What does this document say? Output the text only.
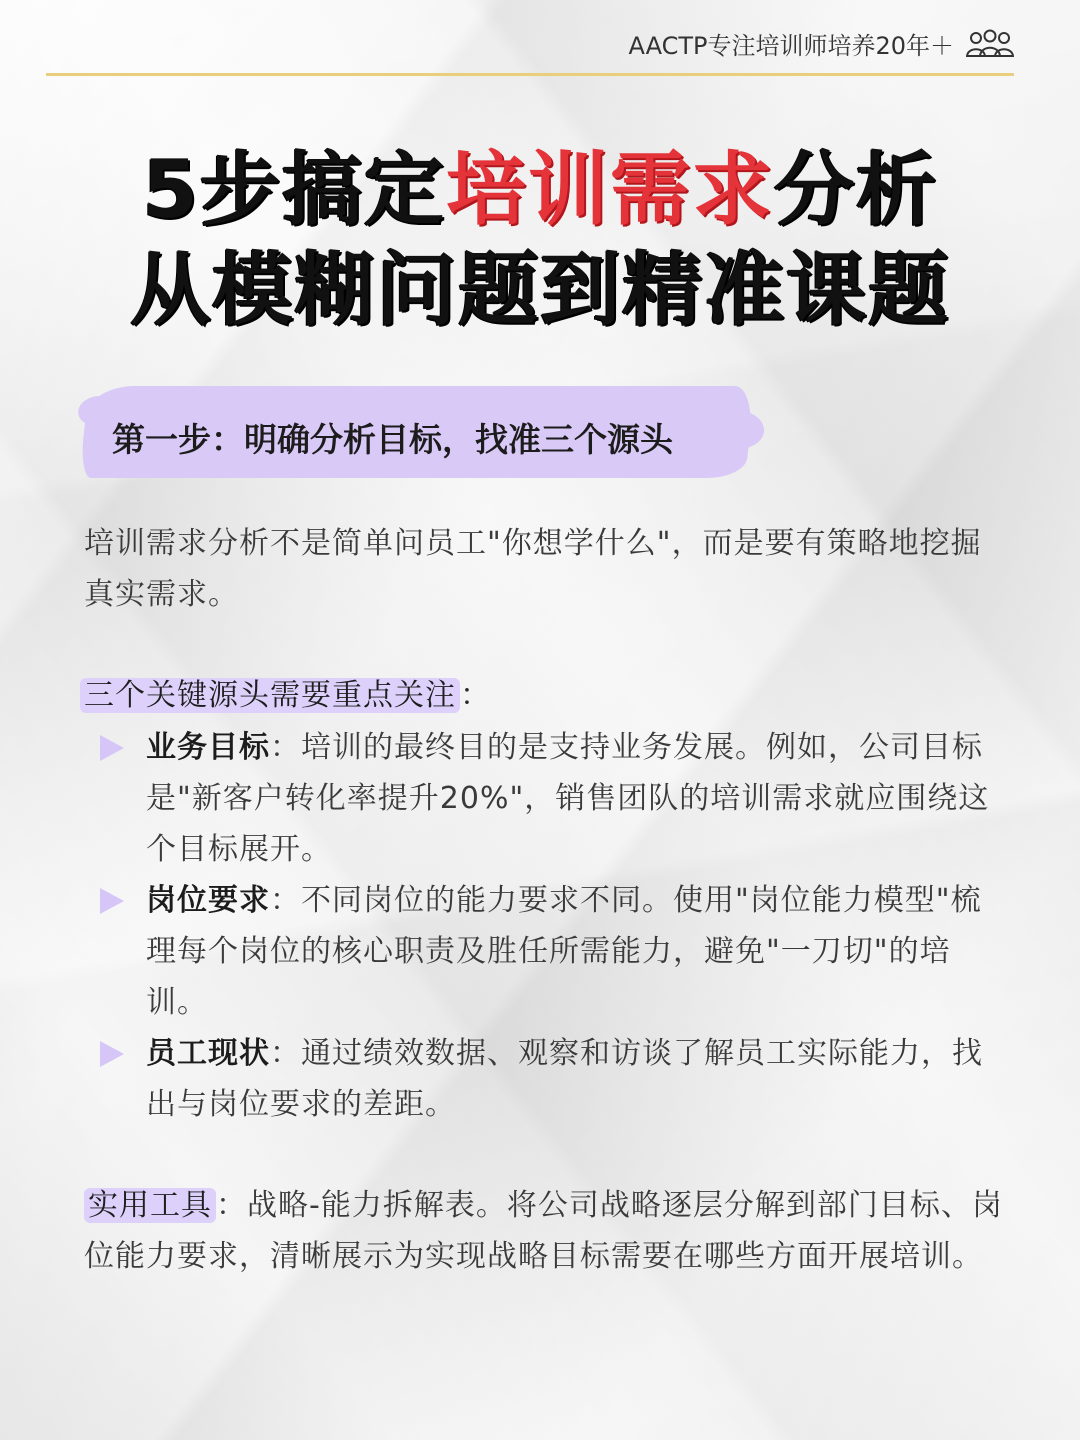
AACTP专注培训师培养20年＋
5步搞定培训需求分析
从模糊问题到精准课题
第一步：明确分析目标，找准三个源头

培训需求分析不是简单问员工"你想学什么"，而是要有策略地挖掘真实需求。

三个关键源头需要重点关注 ：
业务目标：培训的最终目的是支持业务发展。例如，公司目标是"新客户转化率提升20%"，销售团队的培训需求就应围绕这个目标展开。
岗位要求：不同岗位的能力要求不同。使用"岗位能力模型"梳理每个岗位的核心职责及胜任所需能力，避免"一刀切"的培训。
员工现状：通过绩效数据、观察和访谈了解员工实际能力，找出与岗位要求的差距。

实用工具 ：战略-能力拆解表。将公司战略逐层分解到部门目标、岗位能力要求，清晰展示为实现战略目标需要在哪些方面开展培训。
